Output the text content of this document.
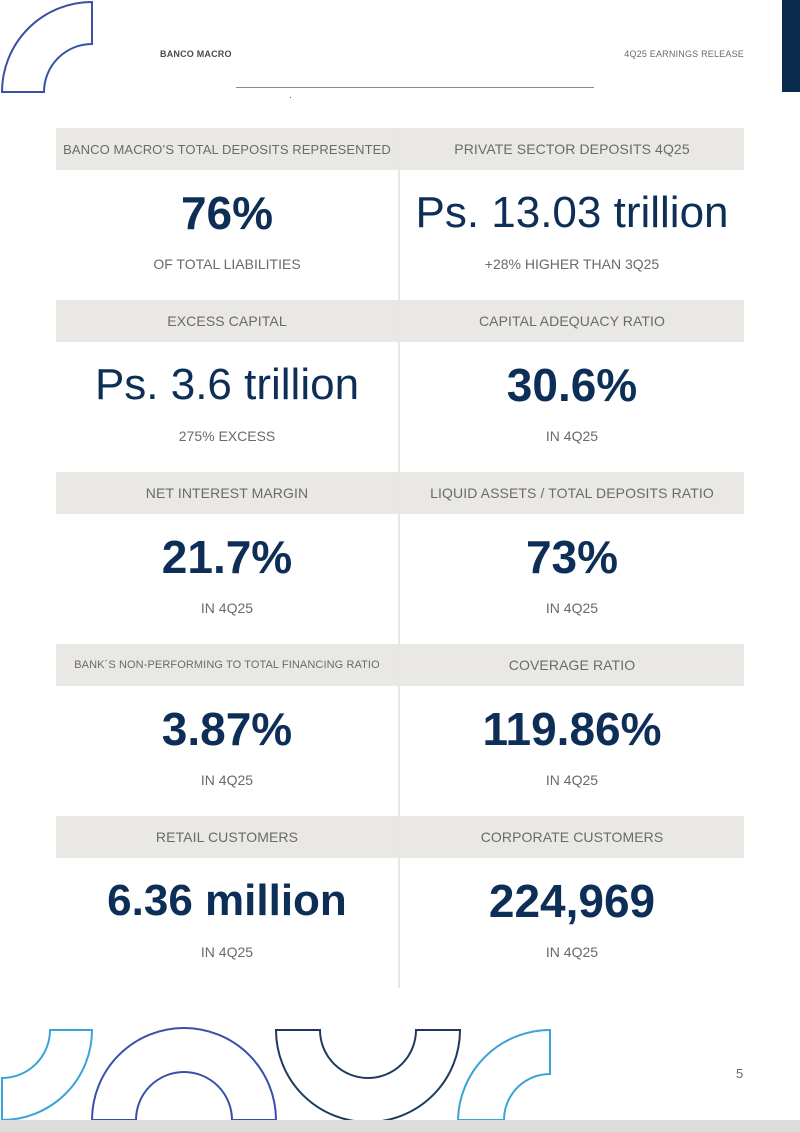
BANCO MACRO	4Q25 EARNINGS RELEASE
BANCO MACRO’S TOTAL DEPOSITS REPRESENTED
76%
OF TOTAL LIABILITIES
PRIVATE SECTOR DEPOSITS 4Q25
Ps. 13.03 trillion
+28% HIGHER THAN 3Q25
EXCESS CAPITAL
Ps. 3.6 trillion
275% EXCESS
CAPITAL ADEQUACY RATIO
30.6%
IN 4Q25
NET INTEREST MARGIN
21.7%
IN 4Q25
LIQUID ASSETS / TOTAL DEPOSITS RATIO
73%
IN 4Q25
BANK´S NON-PERFORMING TO TOTAL FINANCING RATIO
3.87%
IN 4Q25
COVERAGE RATIO
119.86%
IN 4Q25
RETAIL CUSTOMERS
6.36 million
IN 4Q25
CORPORATE CUSTOMERS
224,969
IN 4Q25
5
